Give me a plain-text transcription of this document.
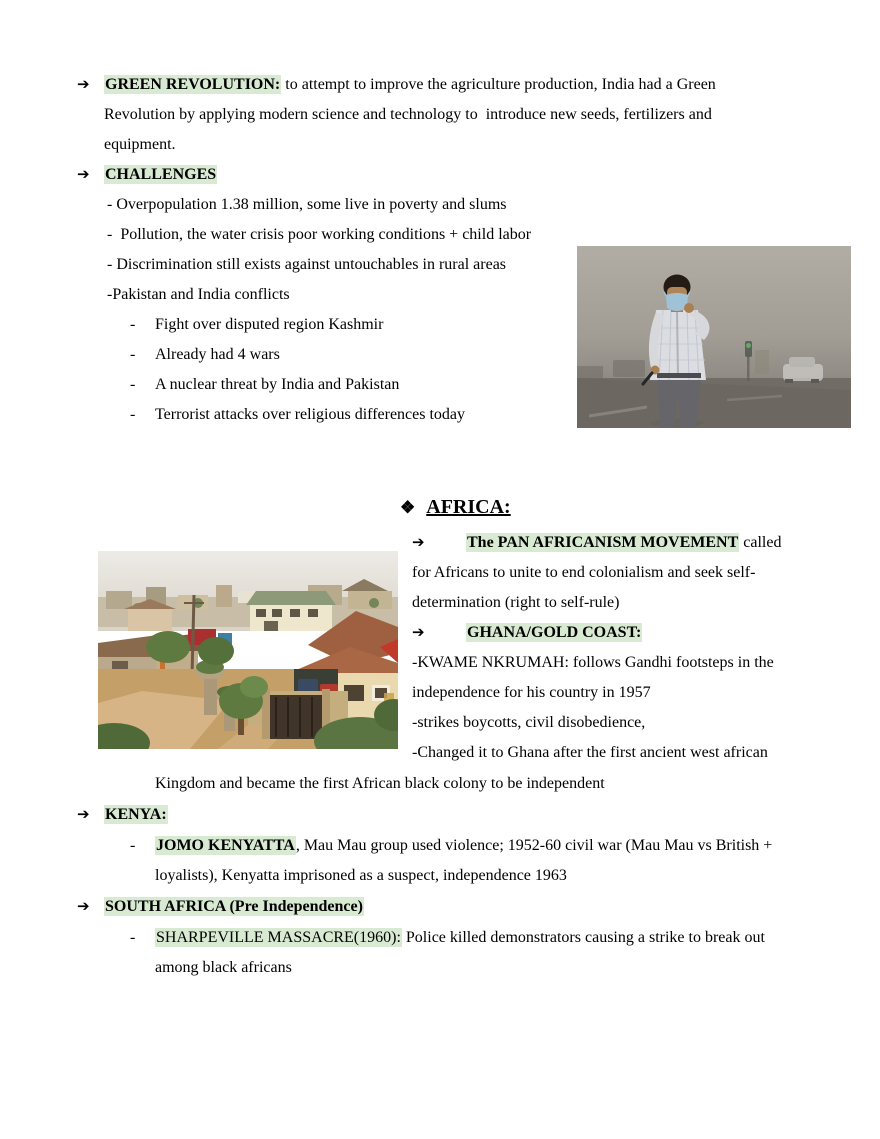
➔ GREEN REVOLUTION: to attempt to improve the agriculture production, India had a Green
Revolution by applying modern science and technology to  introduce new seeds, fertilizers and
equipment.
➔ CHALLENGES
- Overpopulation 1.38 million, some live in poverty and slums
-  Pollution, the water crisis poor working conditions + child labor
- Discrimination still exists against untouchables in rural areas
-Pakistan and India conflicts
- Fight over disputed region Kashmir
- Already had 4 wars
- A nuclear threat by India and Pakistan
- Terrorist attacks over religious differences today
❖ AFRICA:
➔	The PAN AFRICANISM MOVEMENT called
for Africans to unite to end colonialism and seek self-
determination (right to self-rule)
➔	GHANA/GOLD COAST:
-KWAME NKRUMAH: follows Gandhi footsteps in the
independence for his country in 1957
-strikes boycotts, civil disobedience,
-Changed it to Ghana after the first ancient west african
Kingdom and became the first African black colony to be independent
➔ KENYA:
- JOMO KENYATTA, Mau Mau group used violence; 1952-60 civil war (Mau Mau vs British +
loyalists), Kenyatta imprisoned as a suspect, independence 1963
➔ SOUTH AFRICA (Pre Independence)
- SHARPEVILLE MASSACRE(1960): Police killed demonstrators causing a strike to break out
among black africans
